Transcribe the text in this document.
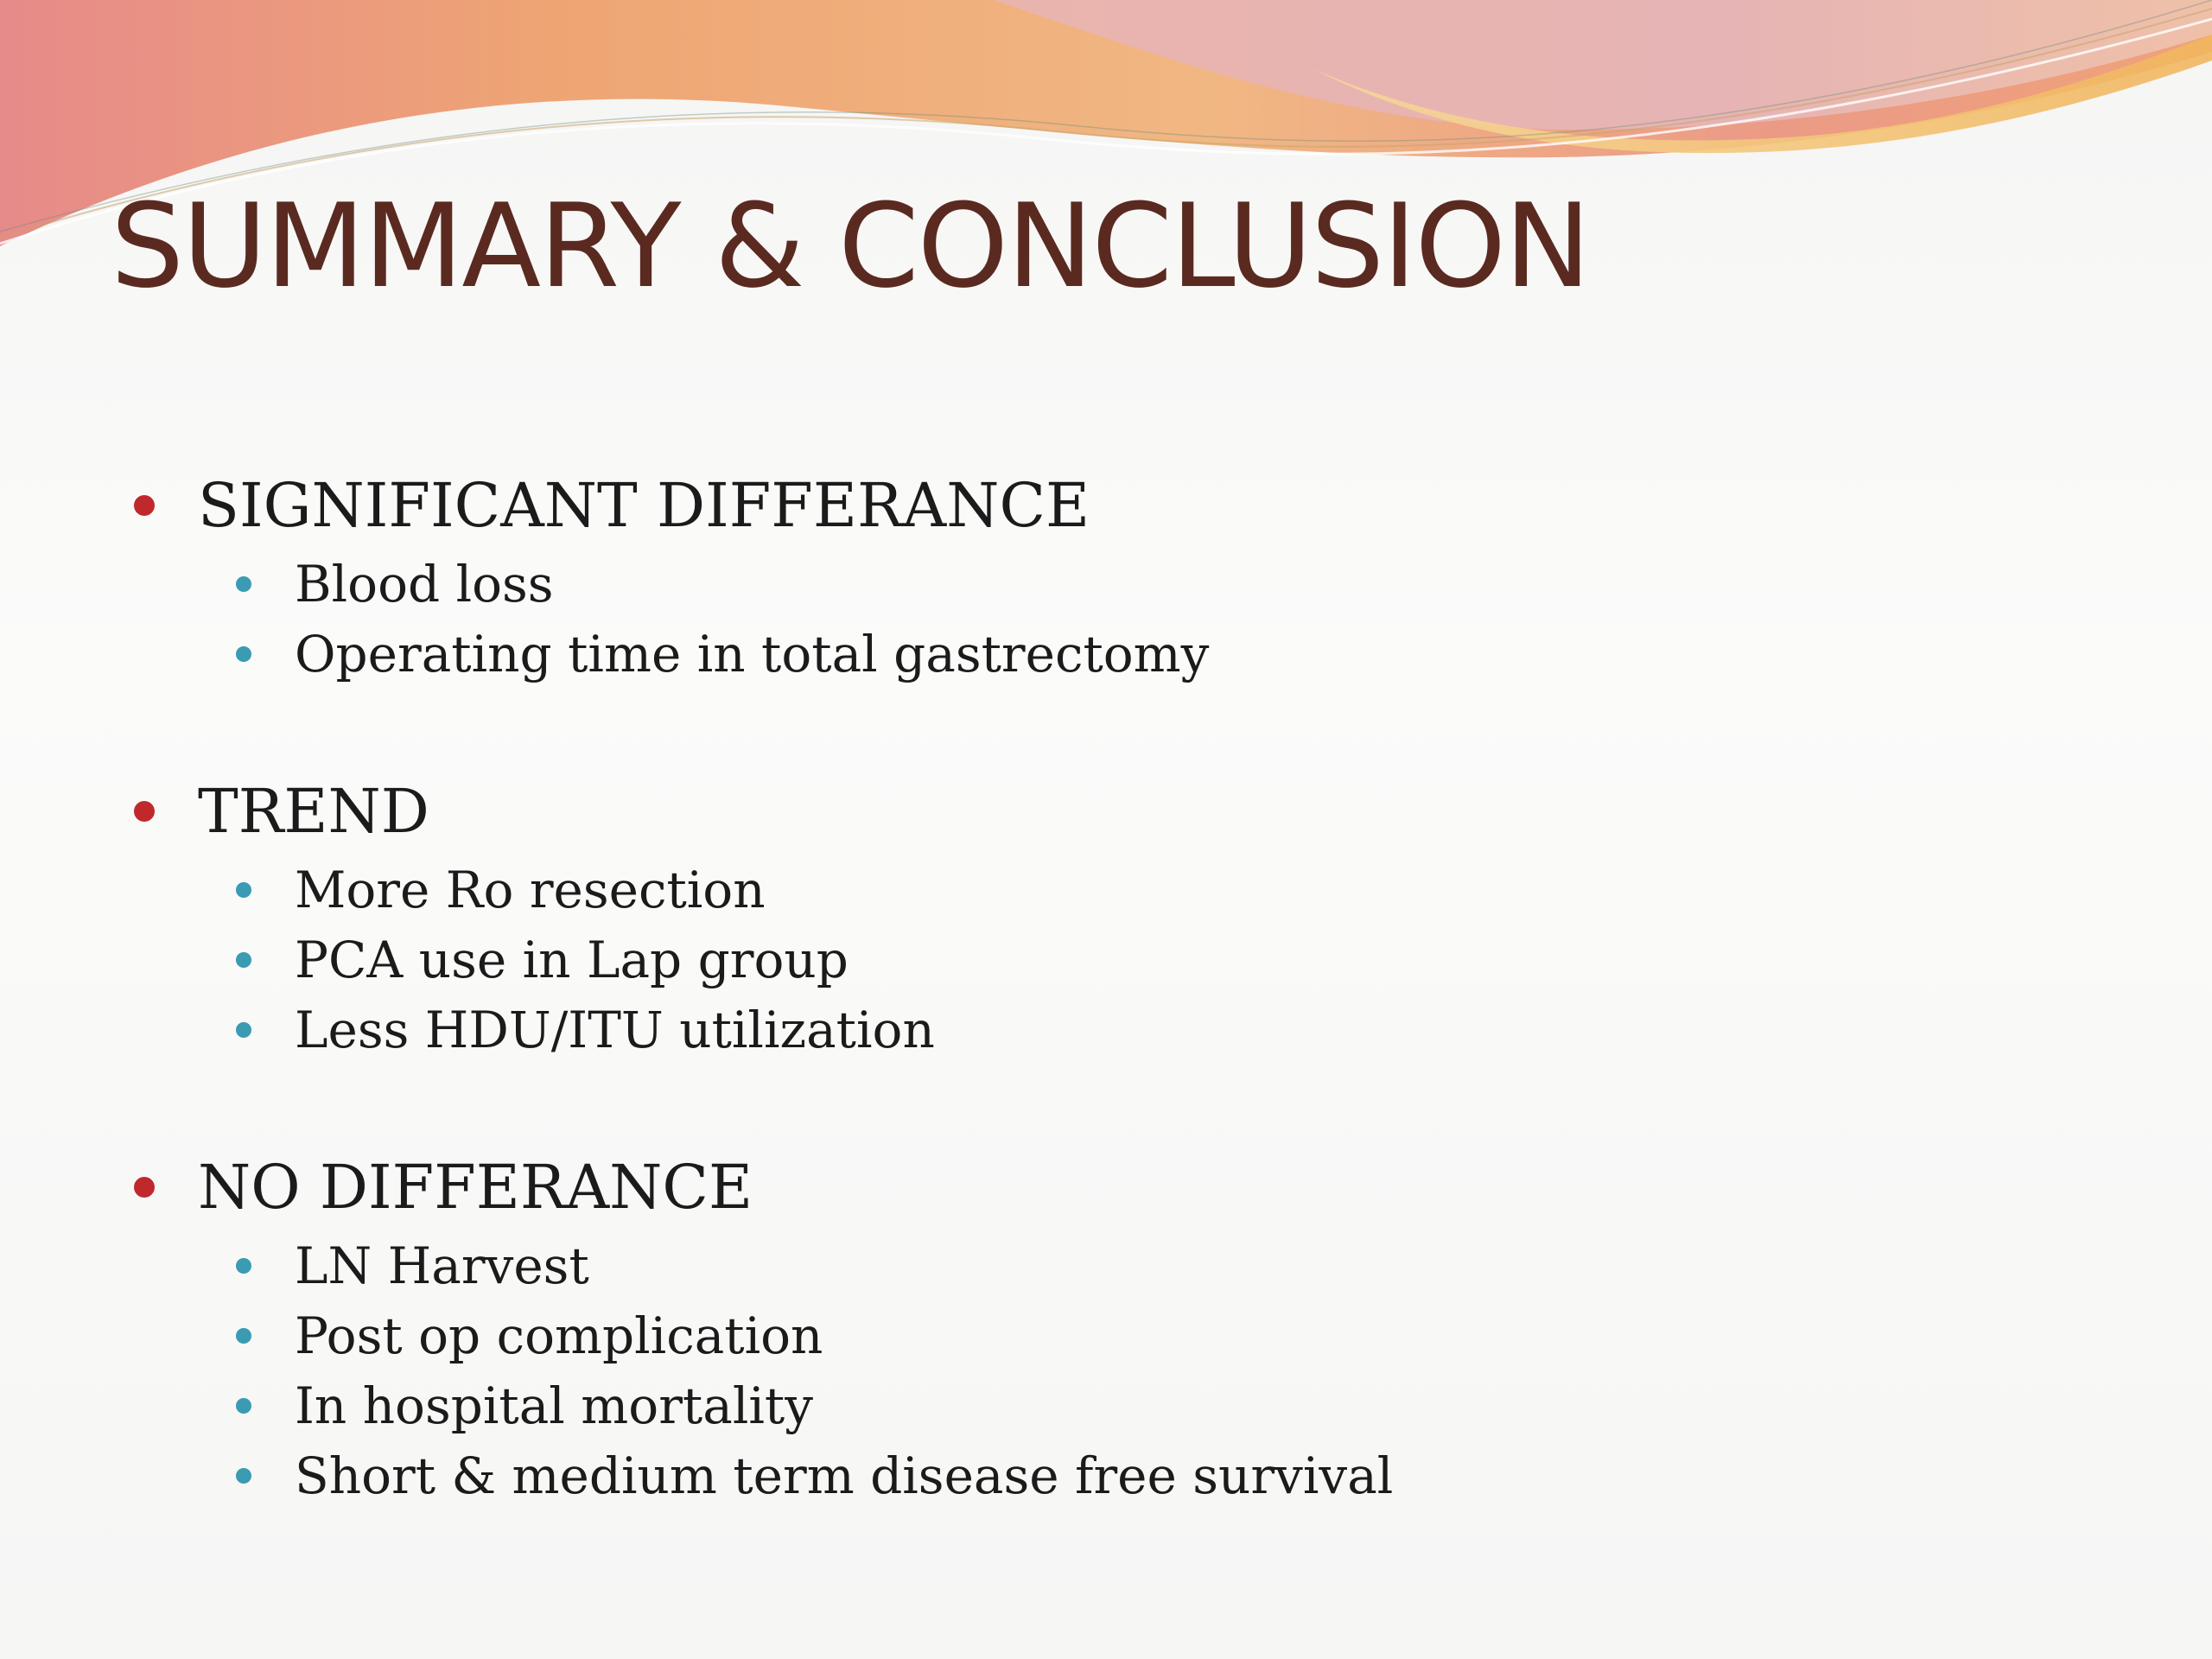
SUMMARY & CONCLUSION
SIGNIFICANT DIFFERANCE
Blood loss
Operating time in total gastrectomy
TREND
More Ro resection
PCA use in Lap group
Less HDU/ITU utilization
NO DIFFERANCE
LN Harvest
Post op complication
In hospital mortality
Short & medium term disease free survival
